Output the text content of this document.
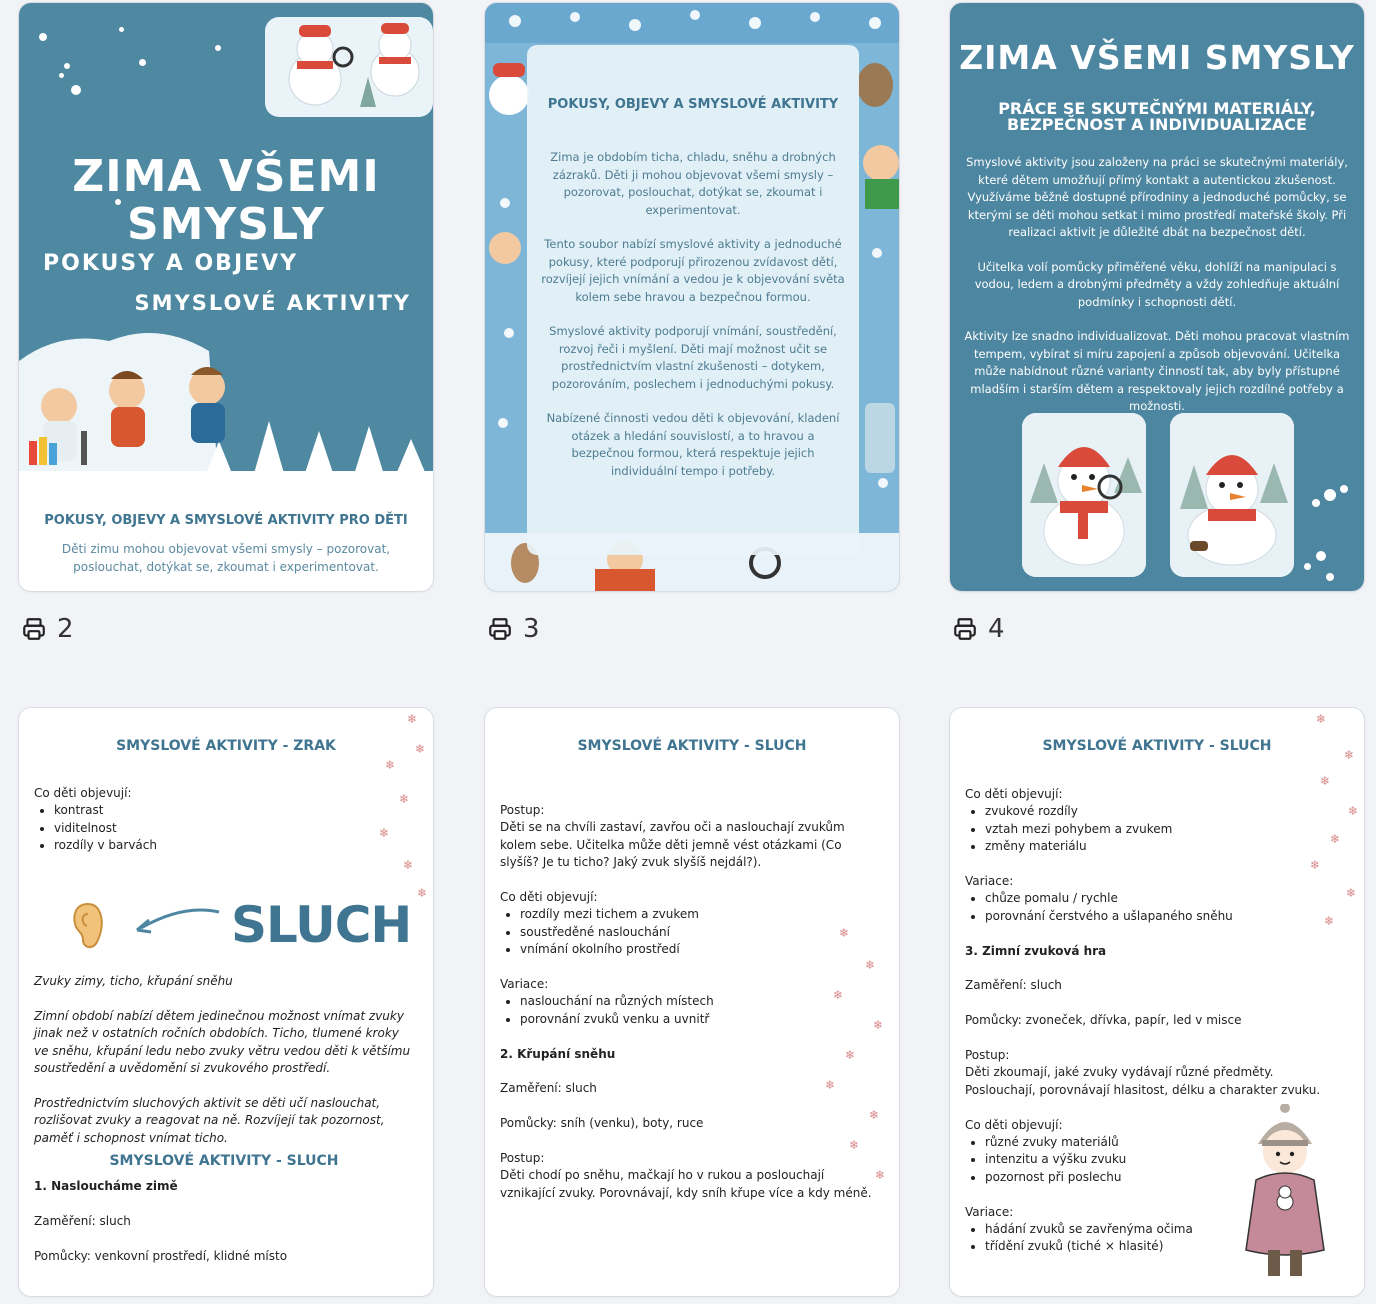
ZIMA VŠEMI
SMYSLY
POKUSY A OBJEVY
SMYSLOVÉ AKTIVITY
POKUSY, OBJEVY A SMYSLOVÉ AKTIVITY PRO DĚTI
Děti zimu mohou objevovat všemi smysly – pozorovat, poslouchat, dotýkat se, zkoumat i experimentovat.
2
POKUSY, OBJEVY A SMYSLOVÉ AKTIVITY

Zima je obdobím ticha, chladu, sněhu a drobných zázraků. Děti ji mohou objevovat všemi smysly – pozorovat, poslouchat, dotýkat se, zkoumat i experimentovat.

Tento soubor nabízí smyslové aktivity a jednoduché pokusy, které podporují přirozenou zvídavost dětí, rozvíjejí jejich vnímání a vedou je k objevování světa kolem sebe hravou a bezpečnou formou.

Smyslové aktivity podporují vnímání, soustředění, rozvoj řeči i myšlení. Děti mají možnost učit se prostřednictvím vlastní zkušenosti – dotykem, pozorováním, poslechem i jednoduchými pokusy.

Nabízené činnosti vedou děti k objevování, kladení otázek a hledání souvislostí, a to hravou a bezpečnou formou, která respektuje jejich individuální tempo i potřeby.

3
ZIMA VŠEMI SMYSLY
PRÁCE SE SKUTEČNÝMI MATERIÁLY,
BEZPEČNOST A INDIVIDUALIZACE

Smyslové aktivity jsou založeny na práci se skutečnými materiály, které dětem umožňují přímý kontakt a autentickou zkušenost. Využíváme běžně dostupné přírodniny a jednoduché pomůcky, se kterými se děti mohou setkat i mimo prostředí mateřské školy. Při realizaci aktivit je důležité dbát na bezpečnost dětí.

Učitelka volí pomůcky přiměřené věku, dohlíží na manipulaci s vodou, ledem a drobnými předměty a vždy zohledňuje aktuální podmínky i schopnosti dětí.

Aktivity lze snadno individualizovat. Děti mohou pracovat vlastním tempem, vybírat si míru zapojení a způsob objevování. Učitelka může nabídnout různé varianty činností tak, aby byly přístupné mladším i starším dětem a respektovaly jejich rozdílné potřeby a možnosti.

4
SMYSLOVÉ AKTIVITY - ZRAK
❄
❄
❄
❄
❄
❄
❄

Co děti objevují:

• kontrast
• viditelnost
• rozdíly v barvách
SLUCH

Zvuky zimy, ticho, křupání sněhu

Zimní období nabízí dětem jedinečnou možnost vnímat zvuky jinak než v ostatních ročních obdobích. Ticho, tlumené kroky ve sněhu, křupání ledu nebo zvuky větru vedou děti k většímu soustředění a uvědomění si zvukového prostředí.

Prostřednictvím sluchových aktivit se děti učí naslouchat, rozlišovat zvuky a reagovat na ně. Rozvíjejí tak pozornost, paměť i schopnost vnímat ticho.

SMYSLOVÉ AKTIVITY - SLUCH

1. Nasloucháme zimě

Zaměření: sluch

Pomůcky: venkovní prostředí, klidné místo

SMYSLOVÉ AKTIVITY - SLUCH
❄
❄
❄
❄
❄
❄
❄
❄
❄

Postup:

Děti se na chvíli zastaví, zavřou oči a naslouchají zvukům kolem sebe. Učitelka může děti jemně vést otázkami (Co slyšíš? Je tu ticho? Jaký zvuk slyšíš nejdál?).

Co děti objevují:

• rozdíly mezi tichem a zvukem
• soustředěné naslouchání
• vnímání okolního prostředí

Variace:

• naslouchání na různých místech
• porovnání zvuků venku a uvnitř

2. Křupání sněhu

Zaměření: sluch

Pomůcky: sníh (venku), boty, ruce

Postup:

Děti chodí po sněhu, mačkají ho v rukou a poslouchají vznikající zvuky. Porovnávají, kdy sníh křupe více a kdy méně.

SMYSLOVÉ AKTIVITY - SLUCH
❄
❄
❄
❄
❄
❄
❄
❄

Co děti objevují:

• zvukové rozdíly
• vztah mezi pohybem a zvukem
• změny materiálu

Variace:

• chůze pomalu / rychle
• porovnání čerstvého a ušlapaného sněhu

3. Zimní zvuková hra

Zaměření: sluch

Pomůcky: zvoneček, dřívka, papír, led v misce

Postup:

Děti zkoumají, jaké zvuky vydávají různé předměty. Poslouchají, porovnávají hlasitost, délku a charakter zvuku.

Co děti objevují:

• různé zvuky materiálů
• intenzitu a výšku zvuku
• pozornost při poslechu

Variace:

• hádání zvuků se zavřenýma očima
• třídění zvuků (tiché × hlasité)
